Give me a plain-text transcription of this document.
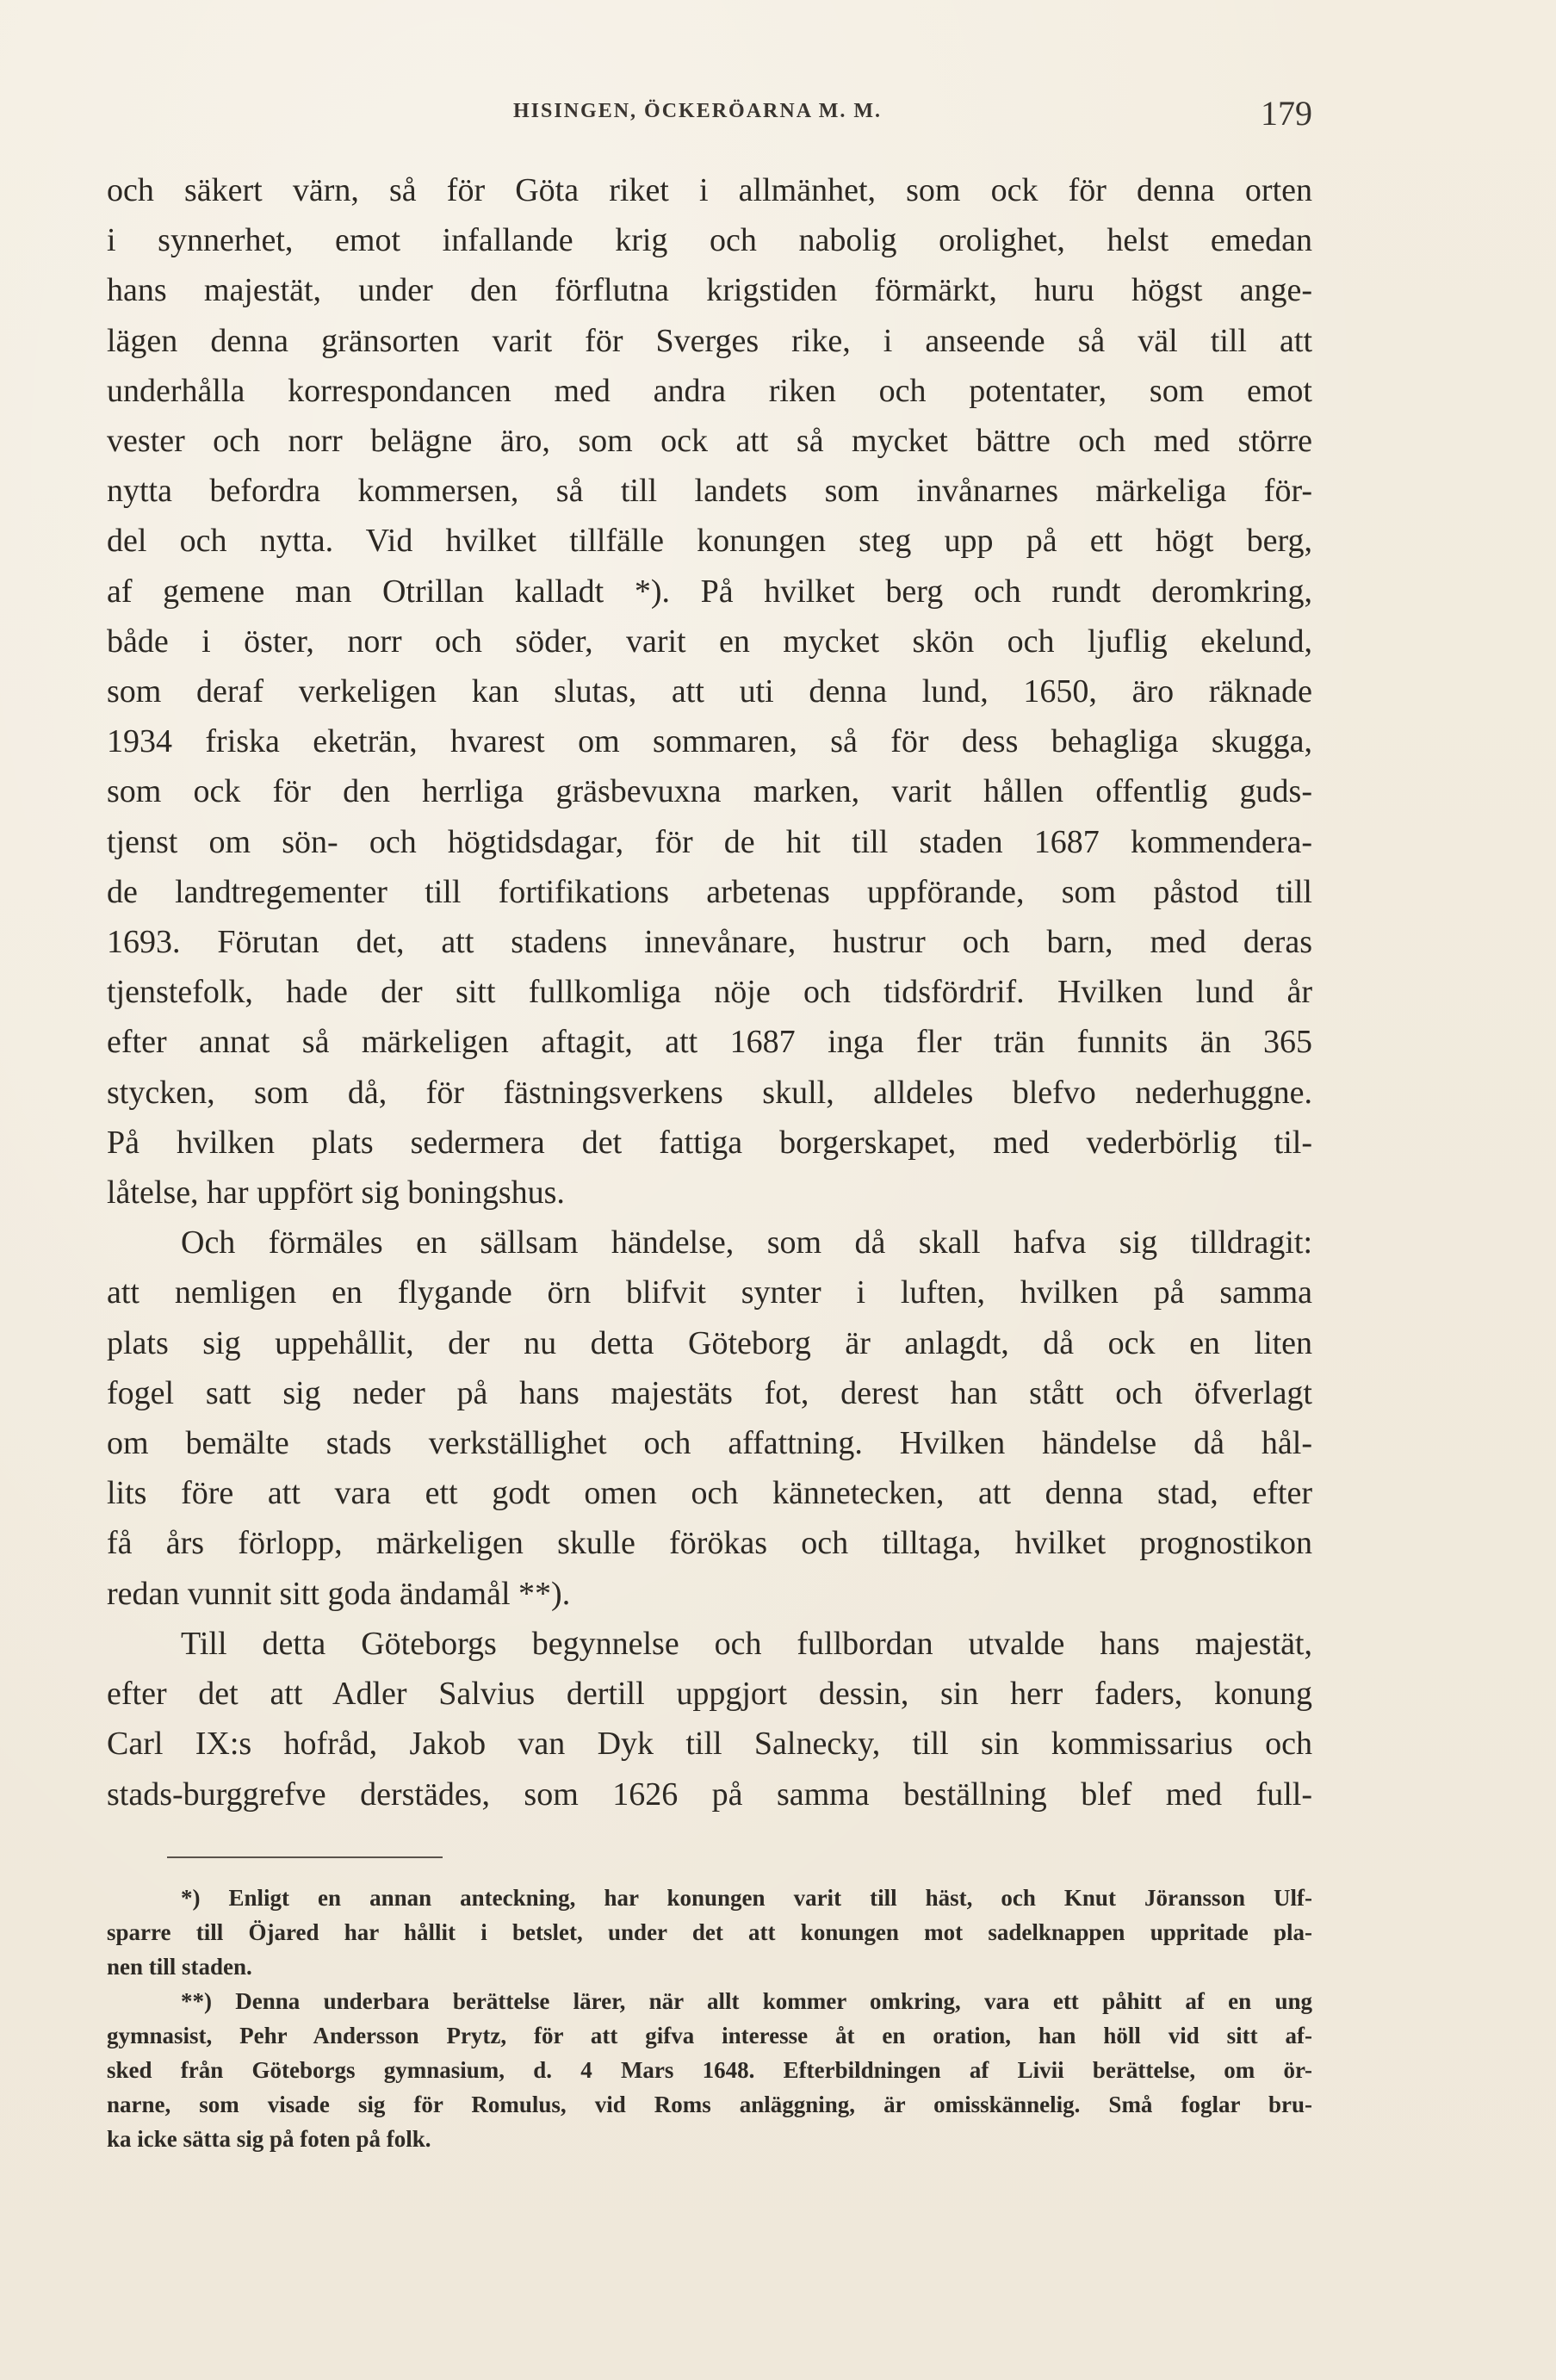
HISINGEN, ÖCKERÖARNA M. M.	179
och säkert värn, så för Göta riket i allmänhet, som ock för denna orten
i synnerhet, emot infallande krig och nabolig orolighet, helst emedan
hans majestät, under den förflutna krigstiden förmärkt, huru högst ange-
lägen denna gränsorten varit för Sverges rike, i anseende så väl till att
underhålla korrespondancen med andra riken och potentater, som emot
vester och norr belägne äro, som ock att så mycket bättre och med större
nytta befordra kommersen, så till landets som invånarnes märkeliga för-
del och nytta. Vid hvilket tillfälle konungen steg upp på ett högt berg,
af gemene man Otrillan kalladt *). På hvilket berg och rundt deromkring,
både i öster, norr och söder, varit en mycket skön och ljuflig ekelund,
som deraf verkeligen kan slutas, att uti denna lund, 1650, äro räknade
1934 friska eketrän, hvarest om sommaren, så för dess behagliga skugga,
som ock för den herrliga gräsbevuxna marken, varit hållen offentlig guds-
tjenst om sön- och högtidsdagar, för de hit till staden 1687 kommendera-
de landtregementer till fortifikations arbetenas uppförande, som påstod till
1693. Förutan det, att stadens innevånare, hustrur och barn, med deras
tjenstefolk, hade der sitt fullkomliga nöje och tidsfördrif. Hvilken lund år
efter annat så märkeligen aftagit, att 1687 inga fler trän funnits än 365
stycken, som då, för fästningsverkens skull, alldeles blefvo nederhuggne.
På hvilken plats sedermera det fattiga borgerskapet, med vederbörlig til-
låtelse, har uppfört sig boningshus.
Och förmäles en sällsam händelse, som då skall hafva sig tilldragit:
att nemligen en flygande örn blifvit synter i luften, hvilken på samma
plats sig uppehållit, der nu detta Göteborg är anlagdt, då ock en liten
fogel satt sig neder på hans majestäts fot, derest han stått och öfverlagt
om bemälte stads verkställighet och affattning. Hvilken händelse då hål-
lits före att vara ett godt omen och kännetecken, att denna stad, efter
få års förlopp, märkeligen skulle förökas och tilltaga, hvilket prognostikon
redan vunnit sitt goda ändamål **).
Till detta Göteborgs begynnelse och fullbordan utvalde hans majestät,
efter det att Adler Salvius dertill uppgjort dessin, sin herr faders, konung
Carl IX:s hofråd, Jakob van Dyk till Salnecky, till sin kommissarius och
stads-burggrefve derstädes, som 1626 på samma beställning blef med full-
*) Enligt en annan anteckning, har konungen varit till häst, och Knut Jöransson Ulf-
sparre till Öjared har hållit i betslet, under det att konungen mot sadelknappen uppritade pla-
nen till staden.
**) Denna underbara berättelse lärer, när allt kommer omkring, vara ett påhitt af en ung
gymnasist, Pehr Andersson Prytz, för att gifva interesse åt en oration, han höll vid sitt af-
sked från Göteborgs gymnasium, d. 4 Mars 1648. Efterbildningen af Livii berättelse, om ör-
narne, som visade sig för Romulus, vid Roms anläggning, är omisskännelig. Små foglar bru-
ka icke sätta sig på foten på folk.
